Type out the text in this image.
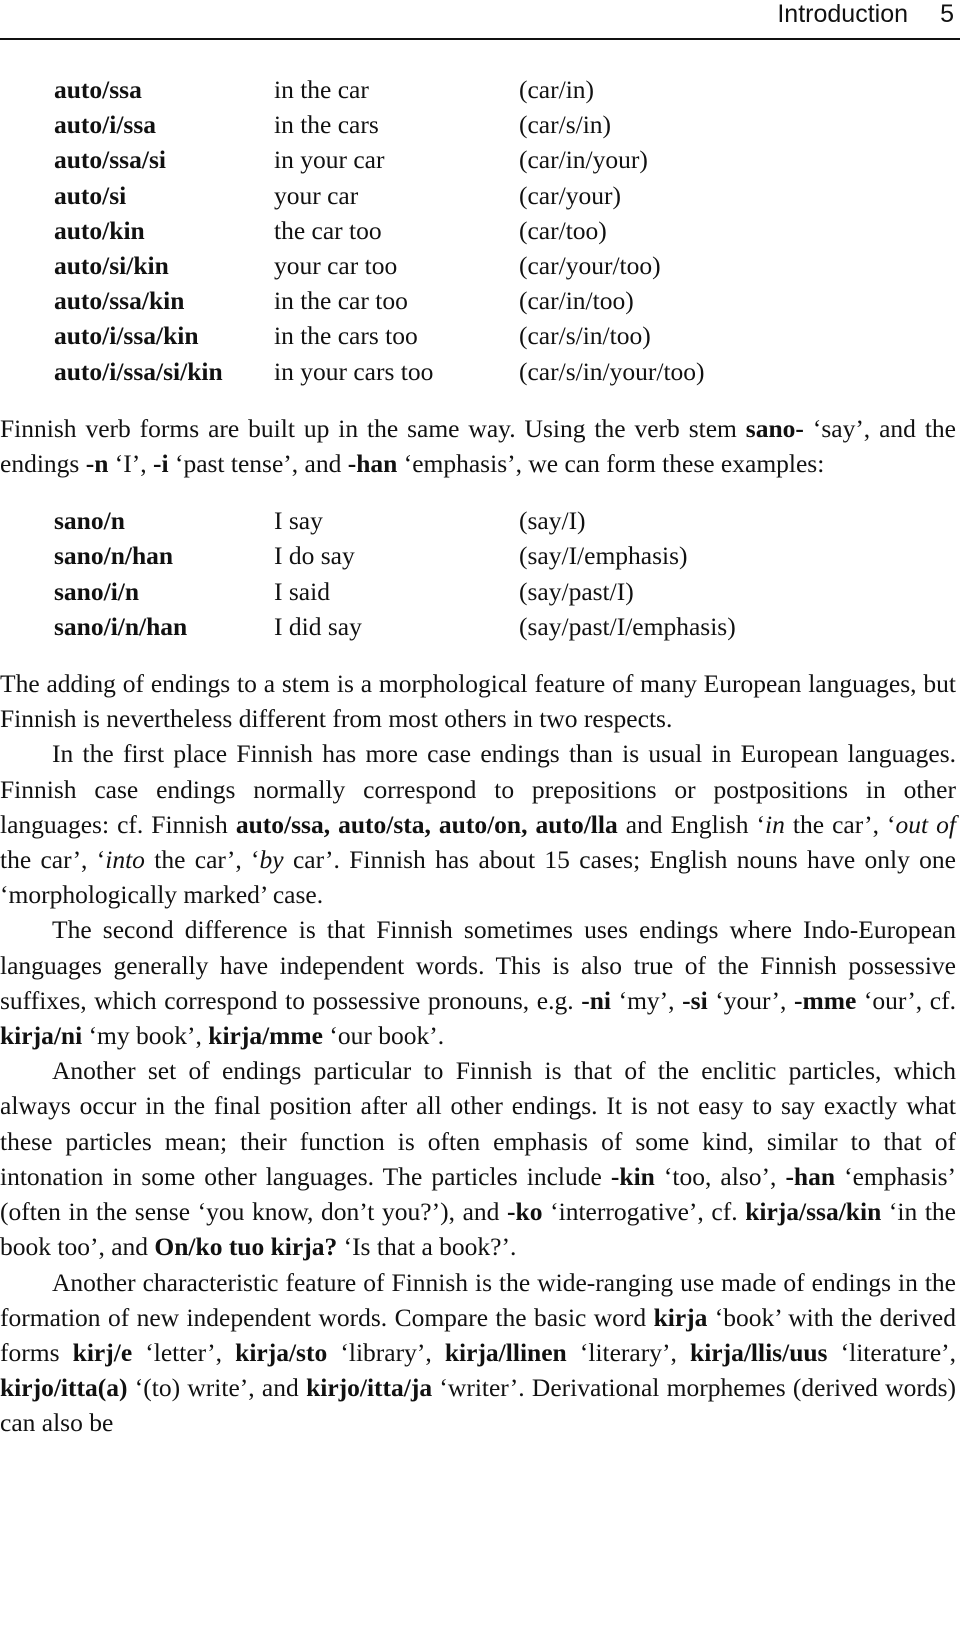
Introduction 5
auto/ssa	in the car	(car/in)
auto/i/ssa	in the cars	(car/s/in)
auto/ssa/si	in your car	(car/in/your)
auto/si	your car	(car/your)
auto/kin	the car too	(car/too)
auto/si/kin	your car too	(car/your/too)
auto/ssa/kin	in the car too	(car/in/too)
auto/i/ssa/kin	in the cars too	(car/s/in/too)
auto/i/ssa/si/kin	in your cars too	(car/s/in/your/too)

Finnish verb forms are built up in the same way. Using the verb stem sano- ‘say’, and the endings -n ‘I’, -i ‘past tense’, and -han ‘emphasis’, we can form these examples:

sano/n	I say	(say/I)
sano/n/han	I do say	(say/I/emphasis)
sano/i/n	I said	(say/past/I)
sano/i/n/han	I did say	(say/past/I/emphasis)

The adding of endings to a stem is a morphological feature of many European languages, but Finnish is nevertheless different from most others in two respects.

In the first place Finnish has more case endings than is usual in European languages. Finnish case endings normally correspond to prepositions or postpositions in other languages: cf. Finnish auto/ssa, auto/sta, auto/on, auto/lla and English ‘in the car’, ‘out of the car’, ‘into the car’, ‘by car’. Finnish has about 15 cases; English nouns have only one ‘morphologically marked’ case.

The second difference is that Finnish sometimes uses endings where Indo-European languages generally have independent words. This is also true of the Finnish possessive suffixes, which correspond to possessive pronouns, e.g. -ni ‘my’, -si ‘your’, -mme ‘our’, cf. kirja/ni ‘my book’, kirja/mme ‘our book’.

Another set of endings particular to Finnish is that of the enclitic particles, which always occur in the final position after all other endings. It is not easy to say exactly what these particles mean; their function is often emphasis of some kind, similar to that of intonation in some other languages. The particles include -kin ‘too, also’, -han ‘emphasis’ (often in the sense ‘you know, don’t you?’), and -ko ‘interrogative’, cf. kirja/ssa/kin ‘in the book too’, and On/ko tuo kirja? ‘Is that a book?’.

Another characteristic feature of Finnish is the wide-ranging use made of endings in the formation of new independent words. Compare the basic word kirja ‘book’ with the derived forms kirj/e ‘letter’, kirja/sto ‘library’, kirja/llinen ‘literary’, kirja/llis/uus ‘literature’, kirjo/itta(a) ‘(to) write’, and kirjo/itta/ja ‘writer’. Derivational morphemes (derived words) can also be
